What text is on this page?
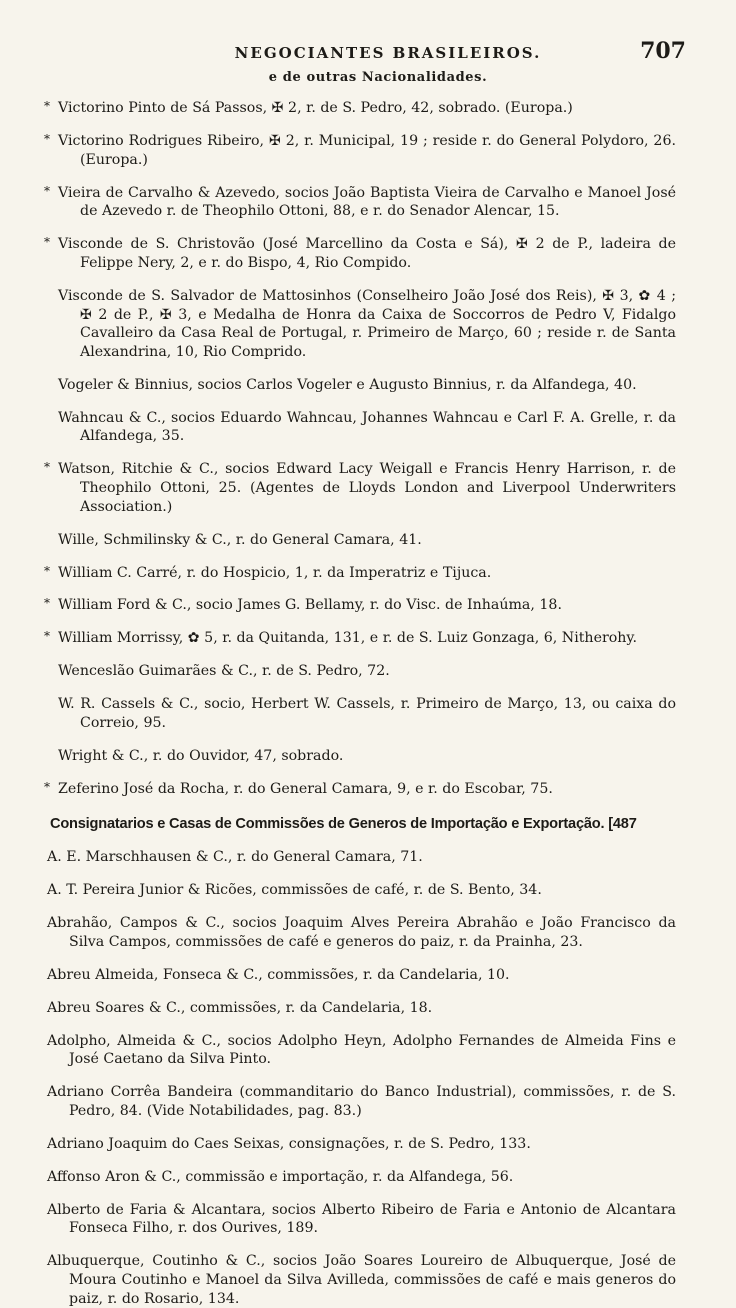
NEGOCIANTES BRASILEIROS.	707
e de outras Nacionalidades.

* Victorino Pinto de Sá Passos, ✠ 2, r. de S. Pedro, 42, sobrado. (Europa.)

* Victorino Rodrigues Ribeiro, ✠ 2, r. Municipal, 19 ; reside r. do General Polydoro, 26. (Europa.)

* Vieira de Carvalho & Azevedo, socios João Baptista Vieira de Carvalho e Manoel José de Azevedo r. de Theophilo Ottoni, 88, e r. do Senador Alencar, 15.

* Visconde de S. Christovão (José Marcellino da Costa e Sá), ✠ 2 de P., ladeira de Felippe Nery, 2, e r. do Bispo, 4, Rio Compido.

Visconde de S. Salvador de Mattosinhos (Conselheiro João José dos Reis), ✠ 3, ✿ 4 ; ✠ 2 de P., ✠ 3, e Medalha de Honra da Caixa de Soccorros de Pedro V, Fidalgo Cavalleiro da Casa Real de Portugal, r. Primeiro de Março, 60 ; reside r. de Santa Alexandrina, 10, Rio Comprido.

Vogeler & Binnius, socios Carlos Vogeler e Augusto Binnius, r. da Alfandega, 40.

Wahncau & C., socios Eduardo Wahncau, Johannes Wahncau e Carl F. A. Grelle, r. da Alfandega, 35.

* Watson, Ritchie & C., socios Edward Lacy Weigall e Francis Henry Harrison, r. de Theophilo Ottoni, 25. (Agentes de Lloyds London and Liverpool Underwriters Association.)

Wille, Schmilinsky & C., r. do General Camara, 41.

* William C. Carré, r. do Hospicio, 1, r. da Imperatriz e Tijuca.

* William Ford & C., socio James G. Bellamy, r. do Visc. de Inhaúma, 18.

* William Morrissy, ✿ 5, r. da Quitanda, 131, e r. de S. Luiz Gonzaga, 6, Nitherohy.

Wenceslão Guimarães & C., r. de S. Pedro, 72.

W. R. Cassels & C., socio, Herbert W. Cassels, r. Primeiro de Março, 13, ou caixa do Correio, 95.

Wright & C., r. do Ouvidor, 47, sobrado.

* Zeferino José da Rocha, r. do General Camara, 9, e r. do Escobar, 75.

Consignatarios e Casas de Commissões de Generos de Importação e Exportação. [487

A. E. Marschhausen & C., r. do General Camara, 71.

A. T. Pereira Junior & Ricões, commissões de café, r. de S. Bento, 34.

Abrahão, Campos & C., socios Joaquim Alves Pereira Abrahão e João Francisco da Silva Campos, commissões de café e generos do paiz, r. da Prainha, 23.

Abreu Almeida, Fonseca & C., commissões, r. da Candelaria, 10.

Abreu Soares & C., commissões, r. da Candelaria, 18.

Adolpho, Almeida & C., socios Adolpho Heyn, Adolpho Fernandes de Almeida Fins e José Caetano da Silva Pinto.

Adriano Corrêa Bandeira (commanditario do Banco Industrial), commissões, r. de S. Pedro, 84. (Vide Notabilidades, pag. 83.)

Adriano Joaquim do Caes Seixas, consignações, r. de S. Pedro, 133.

Affonso Aron & C., commissão e importação, r. da Alfandega, 56.

Alberto de Faria & Alcantara, socios Alberto Ribeiro de Faria e Antonio de Alcantara Fonseca Filho, r. dos Ourives, 189.

Albuquerque, Coutinho & C., socios João Soares Loureiro de Albuquerque, José de Moura Coutinho e Manoel da Silva Avilleda, commissões de café e mais generos do paiz, r. do Rosario, 134.
